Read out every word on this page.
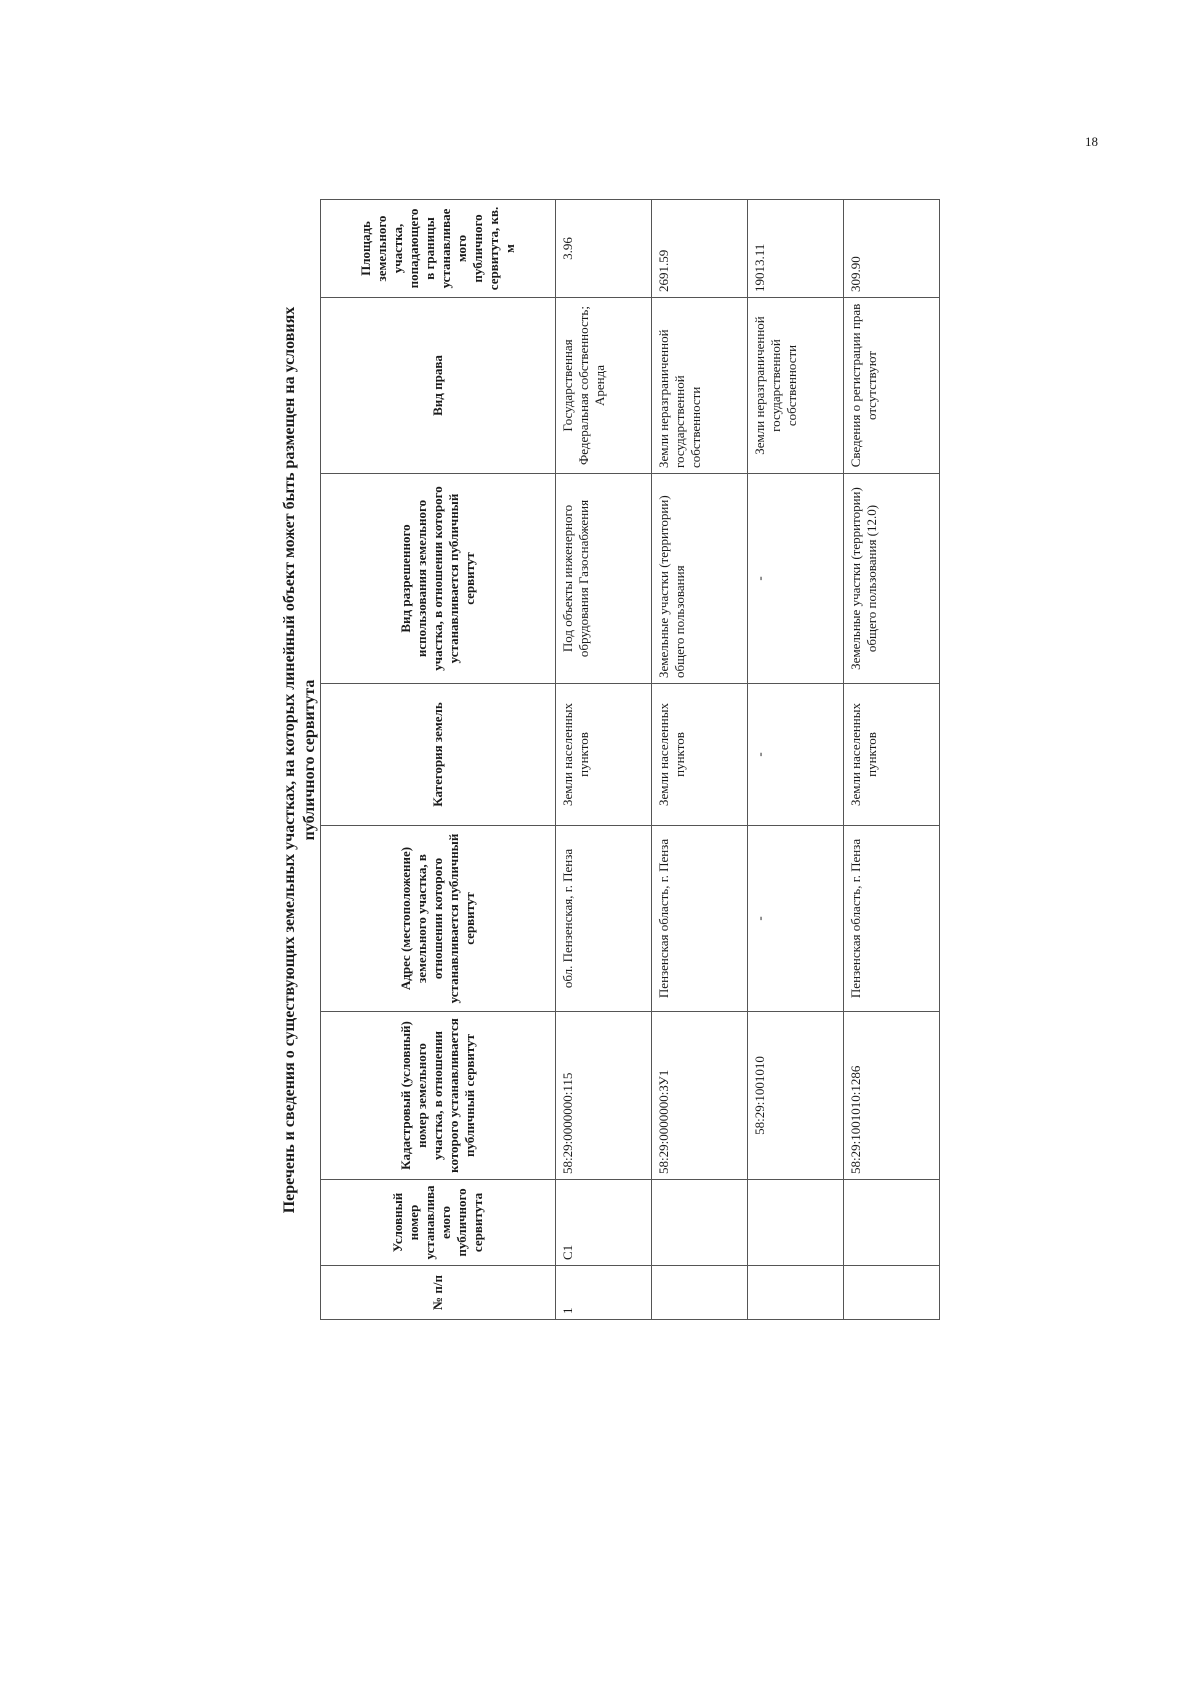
18
Перечень и сведения о существующих земельных участках, на которых линейный объект может быть размещен на условиях публичного сервитута
№ п/п	Условный номер устанавливаемого публичного сервитута	Кадастровый (условный) номер земельного участка, в отношении которого устанавливается публичный сервитут	Адрес (местоположение) земельного участка, в отношении которого устанавливается публичный сервитут	Категория земель	Вид разрешенного использования земельного участка, в отношении которого устанавливается публичный сервитут	Вид права	Площадь земельного участка, попадающего в границы устанавливаемого публичного сервитута, кв. м
1	С1	58:29:0000000:115	обл. Пензенская, г. Пенза	Земли населенных пунктов	Под объекты инженерного обрудования Газоснабжения	Государственная Федеральная собственность; Аренда	3.96
		58:29:0000000:ЗУ1	Пензенская область, г. Пенза	Земли населенных пунктов	Земельные участки (территории) общего пользования	Земли неразграниченной государственной собственности	2691.59
		58:29:1001010	-	-	-	Земли неразграниченной государственной собственности	19013.11
		58:29:1001010:1286	Пензенская область, г. Пенза	Земли населенных пунктов	Земельные участки (территории) общего пользования (12.0)	Сведения о регистрации прав отсутствуют	309.90
